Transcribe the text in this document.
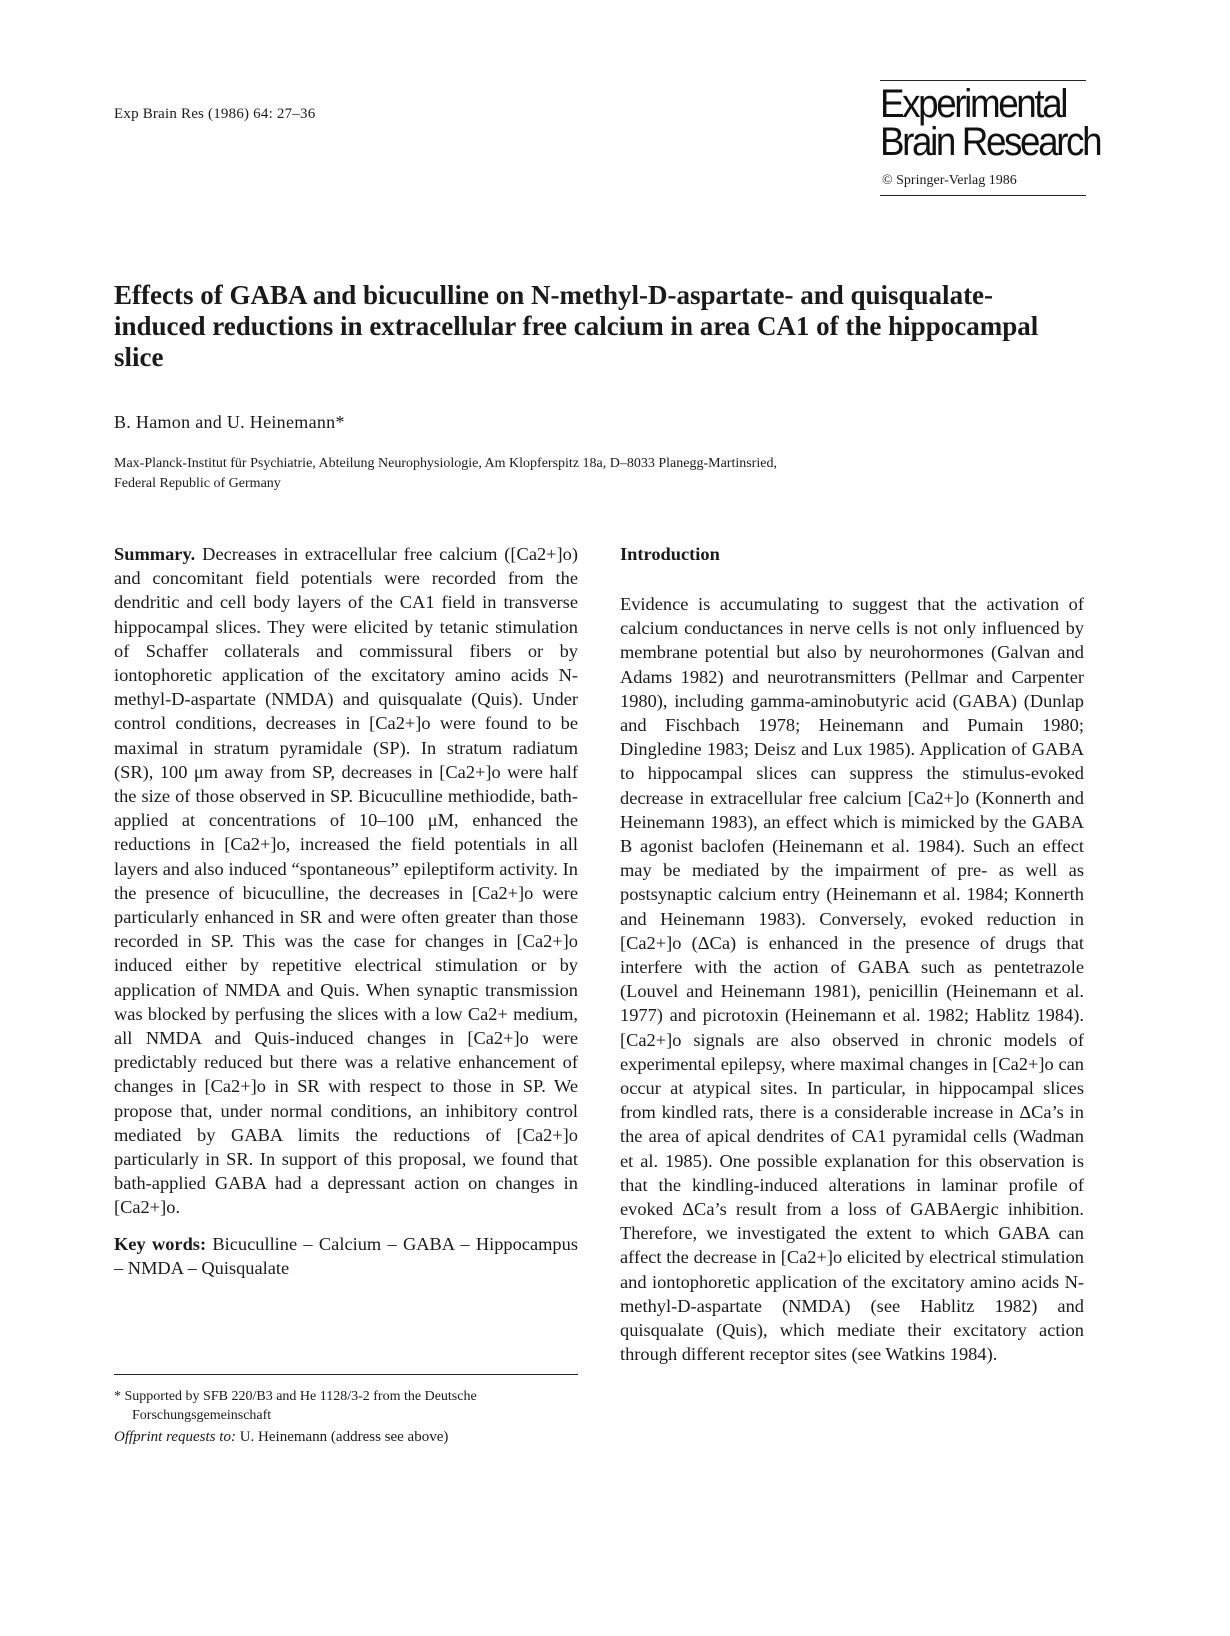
Exp Brain Res (1986) 64: 27–36	Experimental
Brain Research
© Springer-Verlag 1986
Effects of GABA and bicuculline on N-methyl-D-aspartate- and quisqualate-induced reductions in extracellular free calcium in area CA1 of the hippocampal slice
B. Hamon and U. Heinemann*
Max-Planck-Institut für Psychiatrie, Abteilung Neurophysiologie, Am Klopferspitz 18a, D–8033 Planegg-Martinsried,
Federal Republic of Germany

Summary. Decreases in extracellular free calcium ([Ca2+]o) and concomitant field potentials were recorded from the dendritic and cell body layers of the CA1 field in transverse hippocampal slices. They were elicited by tetanic stimulation of Schaffer collaterals and commissural fibers or by iontophoretic application of the excitatory amino acids N-methyl-D-aspartate (NMDA) and quisqualate (Quis). Under control conditions, decreases in [Ca2+]o were found to be maximal in stratum pyramidale (SP). In stratum radiatum (SR), 100 μm away from SP, decreases in [Ca2+]o were half the size of those observed in SP. Bicuculline methiodide, bath-applied at concentrations of 10–100 μM, enhanced the reductions in [Ca2+]o, increased the field potentials in all layers and also induced “spontaneous” epileptiform activity. In the presence of bicuculline, the decreases in [Ca2+]o were particularly enhanced in SR and were often greater than those recorded in SP. This was the case for changes in [Ca2+]o induced either by repetitive electrical stimulation or by application of NMDA and Quis. When synaptic transmission was blocked by perfusing the slices with a low Ca2+ medium, all NMDA and Quis-induced changes in [Ca2+]o were predictably reduced but there was a relative enhancement of changes in [Ca2+]o in SR with respect to those in SP. We propose that, under normal conditions, an inhibitory control mediated by GABA limits the reductions of [Ca2+]o particularly in SR. In support of this proposal, we found that bath-applied GABA had a depressant action on changes in [Ca2+]o.

Key words: Bicuculline – Calcium – GABA – Hippocampus – NMDA – Quisqualate

* Supported by SFB 220/B3 and He 1128/3-2 from the Deutsche Forschungsgemeinschaft

Offprint requests to: U. Heinemann (address see above)

Introduction

Evidence is accumulating to suggest that the activation of calcium conductances in nerve cells is not only influenced by membrane potential but also by neurohormones (Galvan and Adams 1982) and neurotransmitters (Pellmar and Carpenter 1980), including gamma-aminobutyric acid (GABA) (Dunlap and Fischbach 1978; Heinemann and Pumain 1980; Dingledine 1983; Deisz and Lux 1985). Application of GABA to hippocampal slices can suppress the stimulus-evoked decrease in extracellular free calcium [Ca2+]o (Konnerth and Heinemann 1983), an effect which is mimicked by the GABA B agonist baclofen (Heinemann et al. 1984). Such an effect may be mediated by the impairment of pre- as well as postsynaptic calcium entry (Heinemann et al. 1984; Konnerth and Heinemann 1983). Conversely, evoked reduction in [Ca2+]o (ΔCa) is enhanced in the presence of drugs that interfere with the action of GABA such as pentetrazole (Louvel and Heinemann 1981), penicillin (Heinemann et al. 1977) and picrotoxin (Heinemann et al. 1982; Hablitz 1984). [Ca2+]o signals are also observed in chronic models of experimental epilepsy, where maximal changes in [Ca2+]o can occur at atypical sites. In particular, in hippocampal slices from kindled rats, there is a considerable increase in ΔCa’s in the area of apical dendrites of CA1 pyramidal cells (Wadman et al. 1985). One possible explanation for this observation is that the kindling-induced alterations in laminar profile of evoked ΔCa’s result from a loss of GABAergic inhibition. Therefore, we investigated the extent to which GABA can affect the decrease in [Ca2+]o elicited by electrical stimulation and iontophoretic application of the excitatory amino acids N-methyl-D-aspartate (NMDA) (see Hablitz 1982) and quisqualate (Quis), which mediate their excitatory action through different receptor sites (see Watkins 1984).
